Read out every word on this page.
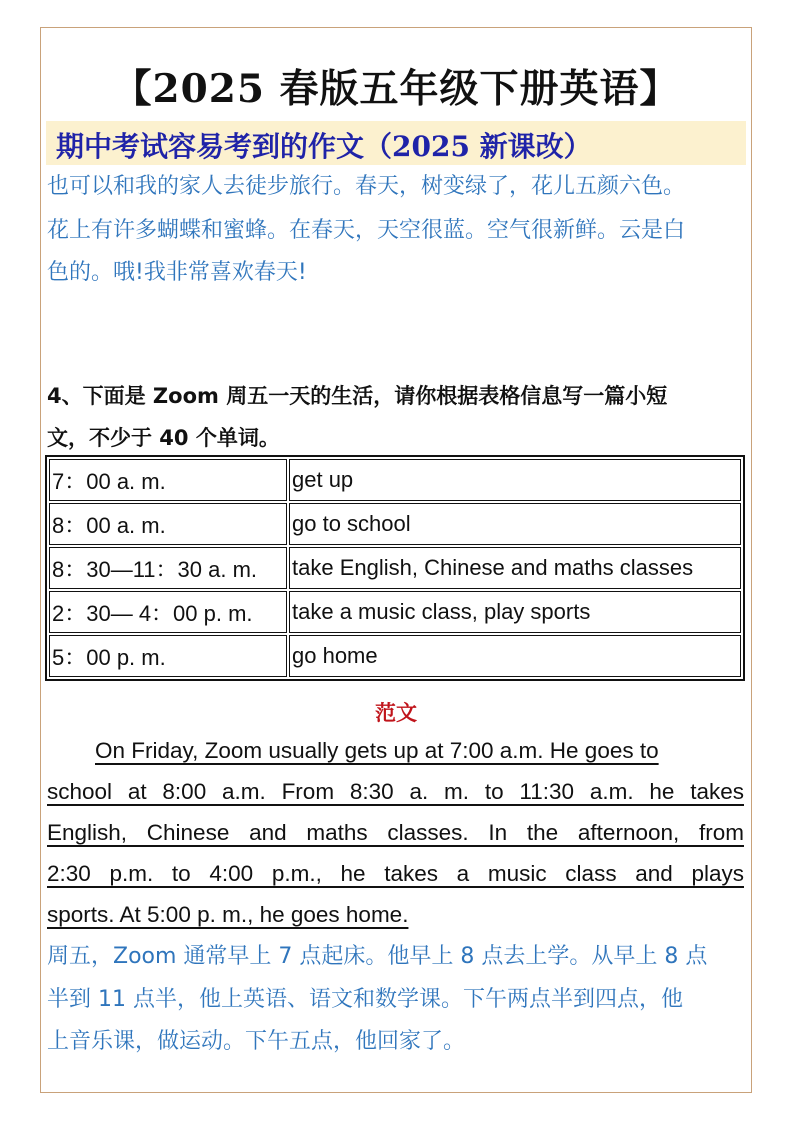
【2025 春版五年级下册英语】
期中考试容易考到的作文（2025 新课改）
也可以和我的家人去徒步旅行。春天，树变绿了，花儿五颜六色。
花上有许多蝴蝶和蜜蜂。在春天，天空很蓝。空气很新鲜。云是白
色的。哦!我非常喜欢春天!
4、下面是 Zoom 周五一天的生活，请你根据表格信息写一篇小短
文，不少于 40 个单词。
7：00 a. m.	get up
8：00 a. m.	go to school
8：30—11：30 a. m.	take English, Chinese and maths classes
2：30— 4：00 p. m.	take a music class, play sports
5：00 p. m.	go home
范文
On Friday, Zoom usually gets up at 7:00 a.m. He goes to
school at 8:00 a.m. From 8:30 a. m. to 11:30 a.m. he takes
English, Chinese and maths classes. In the afternoon, from
2:30 p.m. to 4:00 p.m., he takes a music class and plays
sports. At 5:00 p. m., he goes home.
周五，Zoom 通常早上 7 点起床。他早上 8 点去上学。从早上 8 点
半到 11 点半，他上英语、语文和数学课。下午两点半到四点，他
上音乐课，做运动。下午五点，他回家了。
